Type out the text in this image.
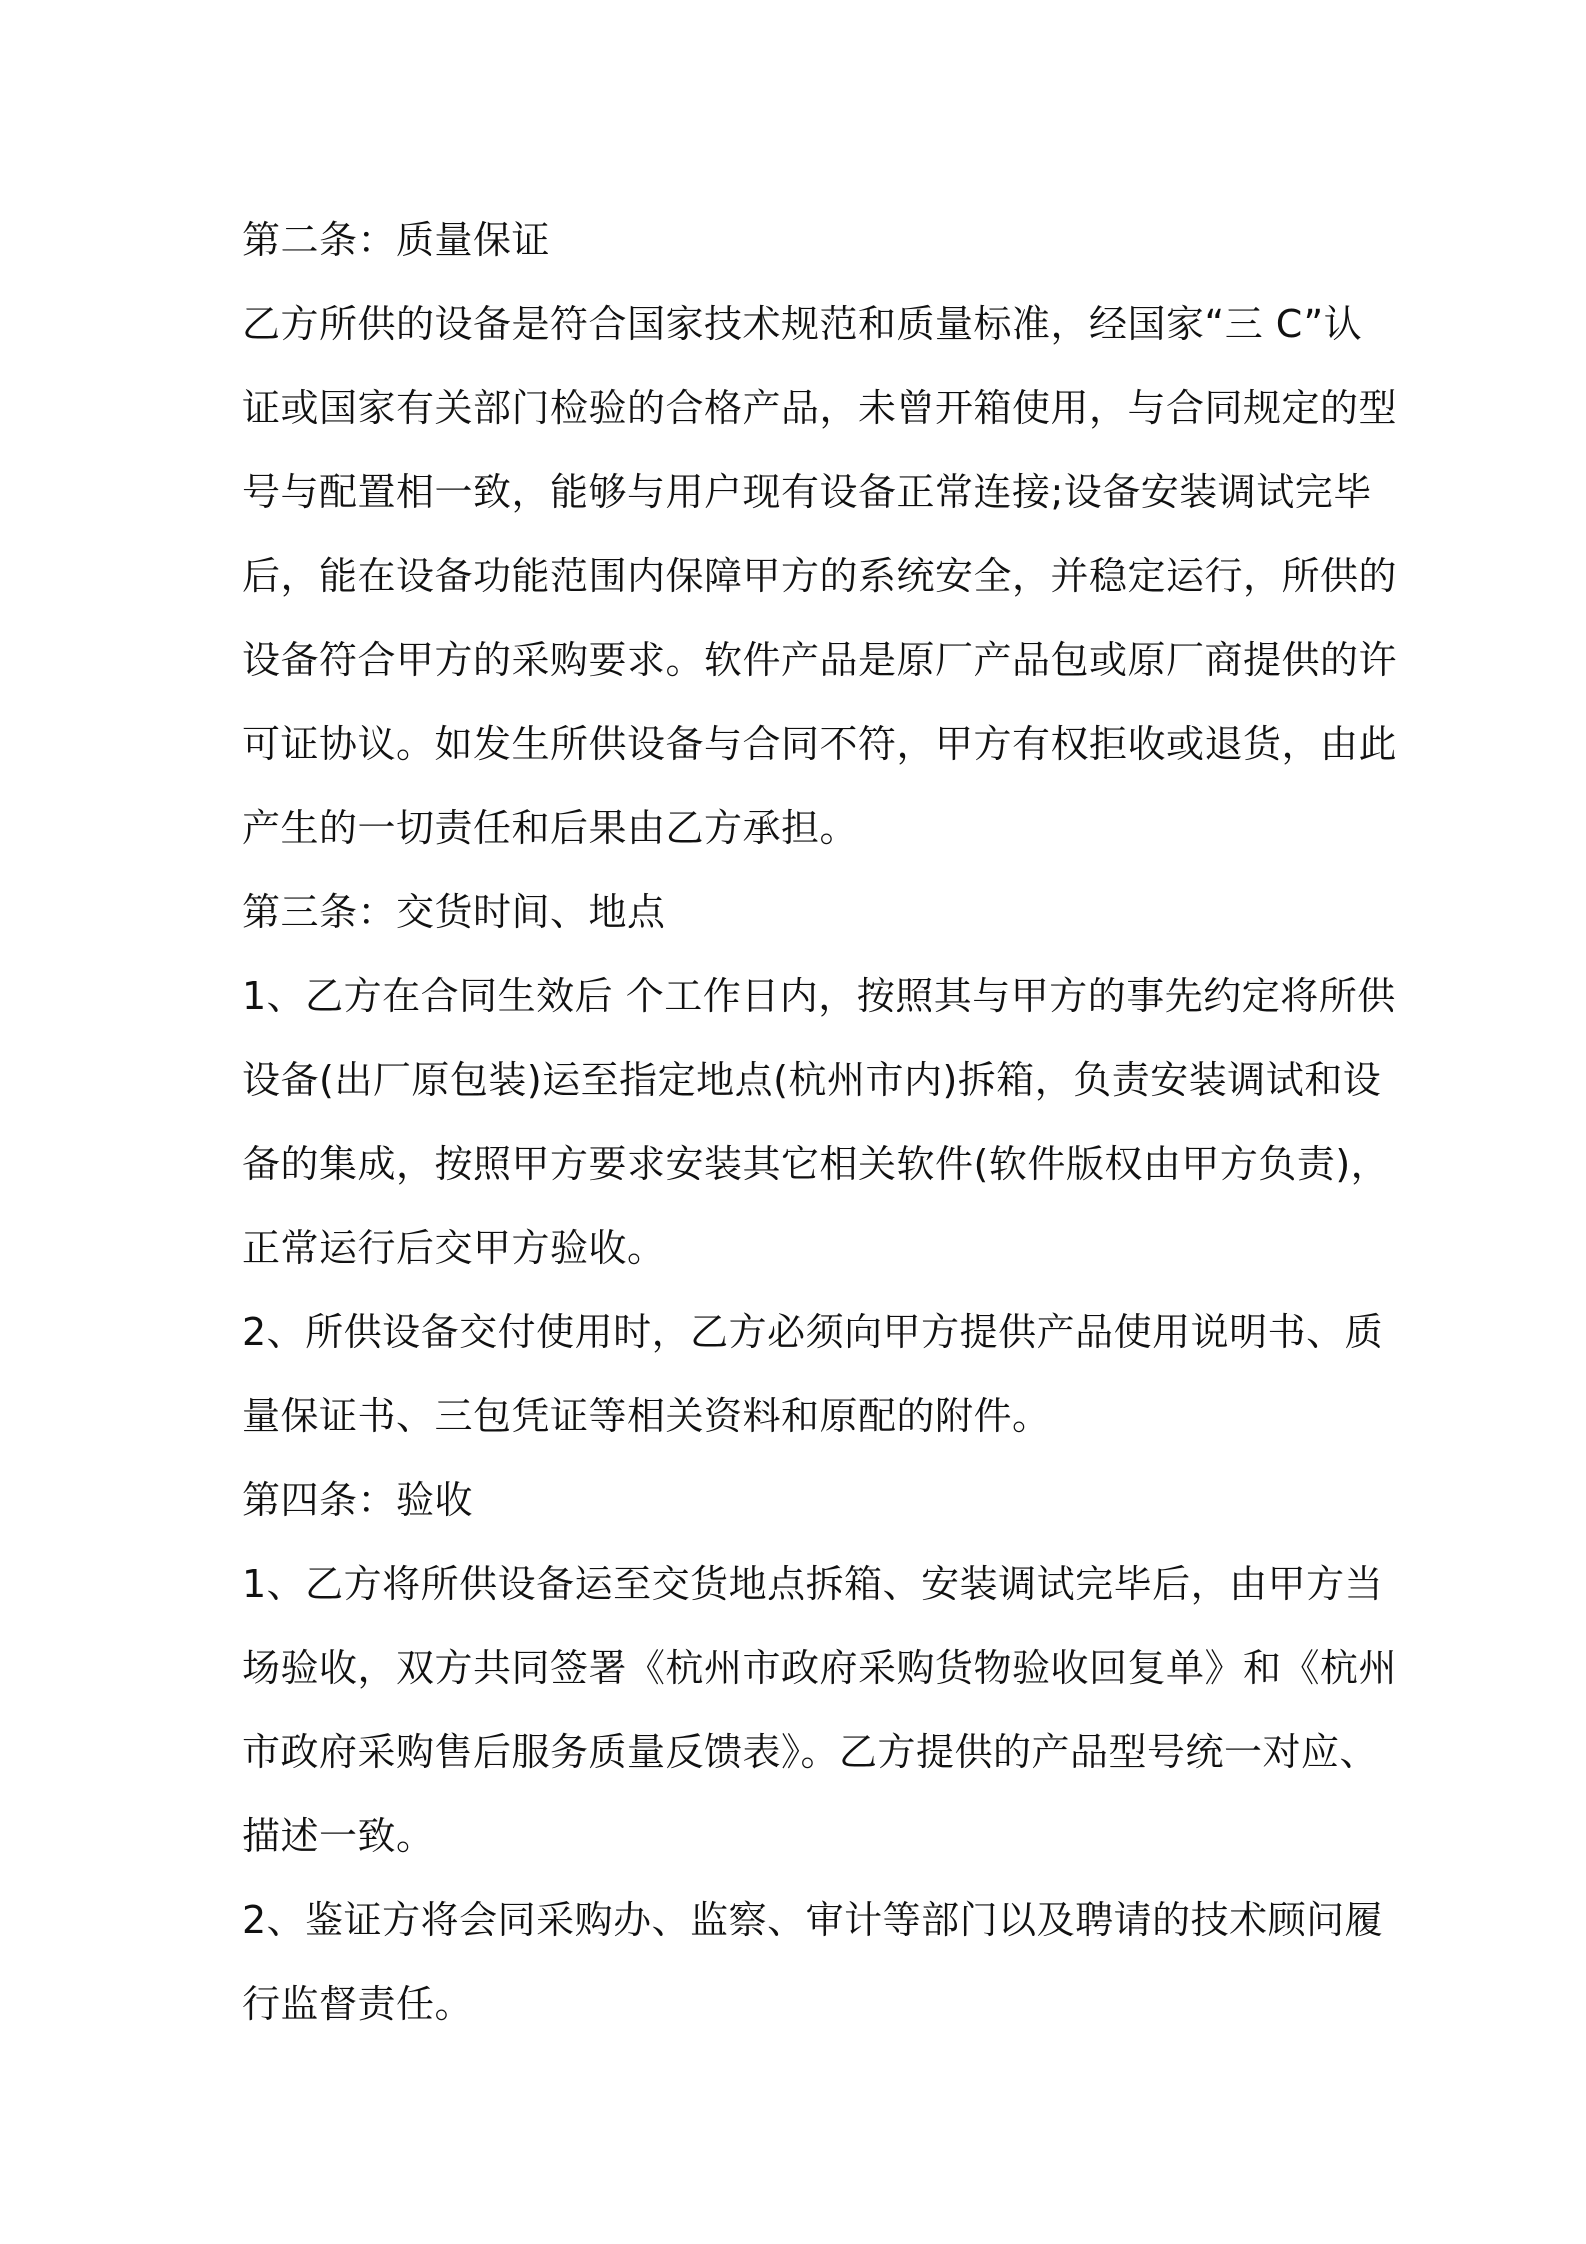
第二条：质量保证
乙方所供的设备是符合国家技术规范和质量标准，经国家“三 C”认
证或国家有关部门检验的合格产品，未曾开箱使用，与合同规定的型
号与配置相一致，能够与用户现有设备正常连接;设备安装调试完毕
后，能在设备功能范围内保障甲方的系统安全，并稳定运行，所供的
设备符合甲方的采购要求。软件产品是原厂产品包或原厂商提供的许
可证协议。如发生所供设备与合同不符，甲方有权拒收或退货，由此
产生的一切责任和后果由乙方承担。
第三条：交货时间、地点
1、乙方在合同生效后 个工作日内，按照其与甲方的事先约定将所供
设备(出厂原包装)运至指定地点(杭州市内)拆箱，负责安装调试和设
备的集成，按照甲方要求安装其它相关软件(软件版权由甲方负责)，
正常运行后交甲方验收。
2、所供设备交付使用时，乙方必须向甲方提供产品使用说明书、质
量保证书、三包凭证等相关资料和原配的附件。
第四条：验收
1、乙方将所供设备运至交货地点拆箱、安装调试完毕后，由甲方当
场验收，双方共同签署《杭州市政府采购货物验收回复单》和《杭州
市政府采购售后服务质量反馈表》。乙方提供的产品型号统一对应、
描述一致。
2、鉴证方将会同采购办、监察、审计等部门以及聘请的技术顾问履
行监督责任。
